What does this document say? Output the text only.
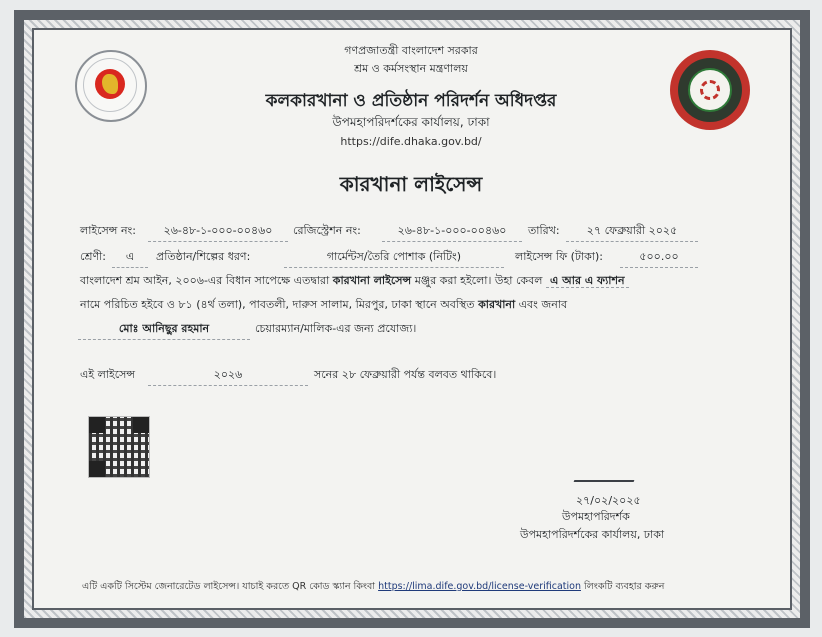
গণপ্রজাতন্ত্রী বাংলাদেশ সরকার
শ্রম ও কর্মসংস্থান মন্ত্রণালয়
কলকারখানা ও প্রতিষ্ঠান পরিদর্শন অধিদপ্তর
উপমহাপরিদর্শকের কার্যালয়, ঢাকা
https://dife.dhaka.gov.bd/
কারখানা লাইসেন্স
লাইসেন্স নং:	২৬-৪৮-১-০০০-০০৪৬০	রেজিস্ট্রেশন নং:	২৬-৪৮-১-০০০-০০৪৬০	তারিখ:	২৭ ফেব্রুয়ারী ২০২৫
শ্রেণী:	এ	প্রতিষ্ঠান/শিল্পের ধরণ:	গার্মেন্টস/তৈরি পোশাক (নিটিং)	লাইসেন্স ফি (টাকা):	৫০০.০০
বাংলাদেশ শ্রম আইন, ২০০৬-এর বিধান সাপেক্ষে এতদ্বারা কারখানা লাইসেন্স মঞ্জুর করা হইলো। উহা কেবল এ আর এ ফ্যাশন
নামে পরিচিত হইবে ও ৮১ (৪র্থ তলা), পাবতলী, দারুস সালাম, মিরপুর, ঢাকা স্থানে অবস্থিত কারখানা এবং জনাব
মোঃ আনিছুর রহমান	চেয়ারম্যান/মালিক-এর জন্য প্রযোজ্য।
এই লাইসেন্স	২০২৬	সনের ২৮ ফেব্রুয়ারী পর্যন্ত বলবত থাকিবে।
২৭/০২/২০২৫
উপমহাপরিদর্শক
উপমহাপরিদর্শকের কার্যালয়, ঢাকা
এটি একটি সিস্টেম জেনারেটেড লাইসেন্স। যাচাই করতে QR কোড স্ক্যান কিংবা https://lima.dife.gov.bd/license-verification লিংকটি ব্যবহার করুন
